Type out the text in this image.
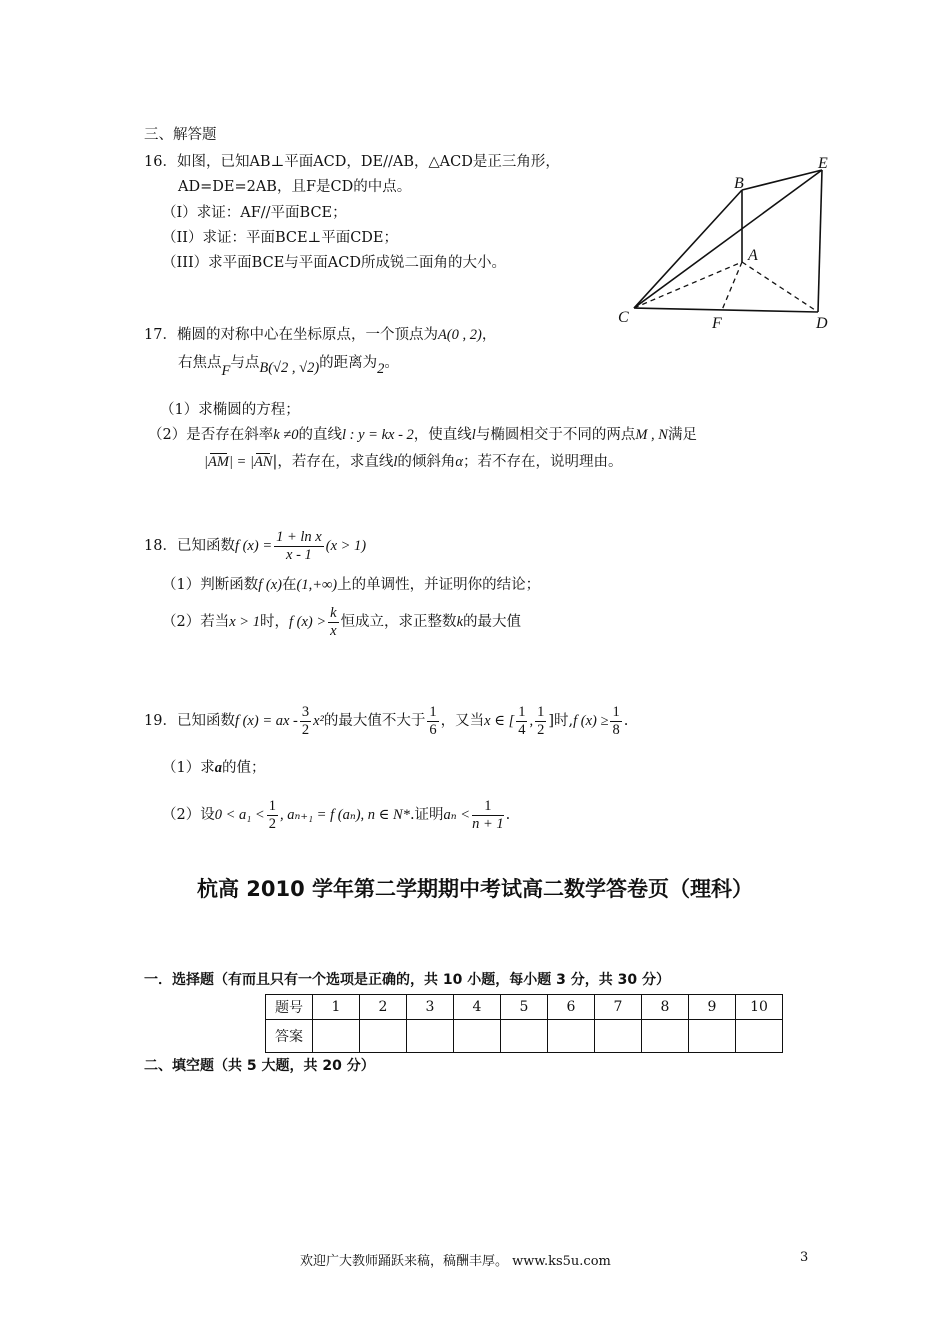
三、解答题
16．如图，已知AB⊥平面ACD，DE//AB，△ACD是正三角形，
AD=DE=2AB，且F是CD的中点。
（I）求证：AF//平面BCE；
（II）求证：平面BCE⊥平面CDE；
（III）求平面BCE与平面ACD所成锐二面角的大小。
B
E
A
C	F	D
17．椭圆的对称中心在坐标原点，一个顶点为A(0 , 2)，
右焦点F与点B(√2 , √2)的距离为2。
（1）求椭圆的方程；
（2）是否存在斜率k ≠0的直线l : y = kx - 2，使直线l与椭圆相交于不同的两点M , N满足
|AM| = |AN|，若存在，求直线l的倾斜角α；若不存在，说明理由。
18．已知函数f $(x) = \frac{\text{1 + ln x}}{x - 1} (x > 1)$
（1）判断函数f (x)在(1,+∞)上的单调性，并证明你的结论；
（2）若当x > 1时，f $(x) > \frac{k}{x}$ 恒成立，求正整数k的最大值
19．已知函数f (x) = ax - $\frac{3}{2} x^2$的最大值不大于 $\frac{1}{6}$ ，又当x ∈ [ $\frac{1}{4}$ , $\frac{1}{2}$ ]时,f $(x) \ge \frac{1}{8}$ .
（1）求a的值；
（2）设$0 < a_1 < \frac{1}{2}$ , aₙ₊₁ = f (aₙ), n ∈ N*.证明$a_n < \frac{1}{n + 1}$ .
杭高 2010 学年第二学期期中考试高二数学答卷页（理科）
一．选择题（有而且只有一个选项是正确的，共 10 小题，每小题 3 分，共 30 分）
题号	1	2	3	4	5	6	7	8	9	10
答案										
二、填空题（共 5 大题，共 20 分）
欢迎广大教师踊跃来稿，稿酬丰厚。 www.ks5u.com	3
